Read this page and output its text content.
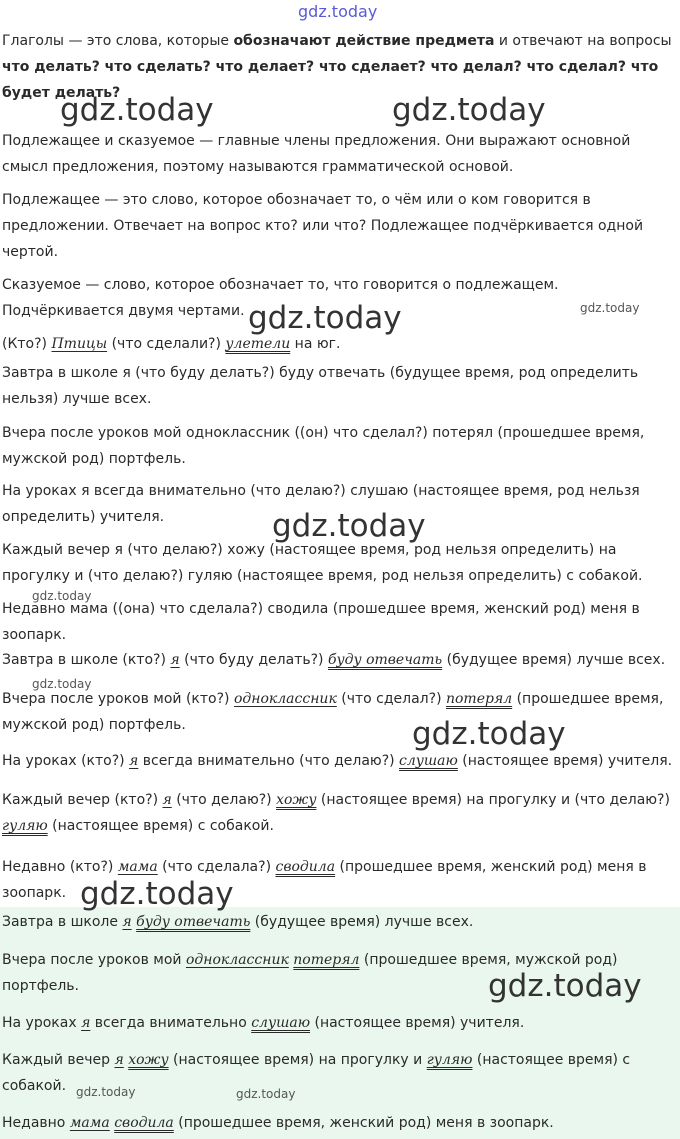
Глаголы — это слова, которые обозначают действие предмета и отвечают на вопросы что делать? что сделать? что делает? что сделает? что делал? что сделал? что будет делать?

Подлежащее и сказуемое — главные члены предложения. Они выражают основной смысл предложения, поэтому называются грамматической основой.

Подлежащее — это слово, которое обозначает то, о чём или о ком говорится в предложении. Отвечает на вопрос кто? или что? Подлежащее подчёркивается одной чертой.

Сказуемое — слово, которое обозначает то, что говорится о подлежащем. Подчёркивается двумя чертами.

(Кто?) Птицы (что сделали?) улетели на юг.

Завтра в школе я (что буду делать?) буду отвечать (будущее время, род определить нельзя) лучше всех.

Вчера после уроков мой одноклассник ((он) что сделал?) потерял (прошедшее время, мужской род) портфель.

На уроках я всегда внимательно (что делаю?) слушаю (настоящее время, род нельзя определить) учителя.

Каждый вечер я (что делаю?) хожу (настоящее время, род нельзя определить) на прогулку и (что делаю?) гуляю (настоящее время, род нельзя определить) с собакой.

Недавно мама ((она) что сделала?) сводила (прошедшее время, женский род) меня в зоопарк.

Завтра в школе (кто?) я (что буду делать?) буду отвечать (будущее время) лучше всех.

Вчера после уроков мой (кто?) одноклассник (что сделал?) потерял (прошедшее время, мужской род) портфель.

На уроках (кто?) я всегда внимательно (что делаю?) слушаю (настоящее время) учителя.

Каждый вечер (кто?) я (что делаю?) хожу (настоящее время) на прогулку и (что делаю?) гуляю (настоящее время) с собакой.

Недавно (кто?) мама (что сделала?) сводила (прошедшее время, женский род) меня в зоопарк.

Завтра в школе я буду отвечать (будущее время) лучше всех.

Вчера после уроков мой одноклассник потерял (прошедшее время, мужской род) портфель.

На уроках я всегда внимательно слушаю (настоящее время) учителя.

Каждый вечер я хожу (настоящее время) на прогулку и гуляю (настоящее время) с собакой.

Недавно мама сводила (прошедшее время, женский род) меня в зоопарк.

gdz.today
gdz.today	gdz.today
gdz.today	gdz.today
gdz.today
gdz.today
gdz.today
gdz.today
gdz.today
gdz.today
gdz.today	gdz.today
